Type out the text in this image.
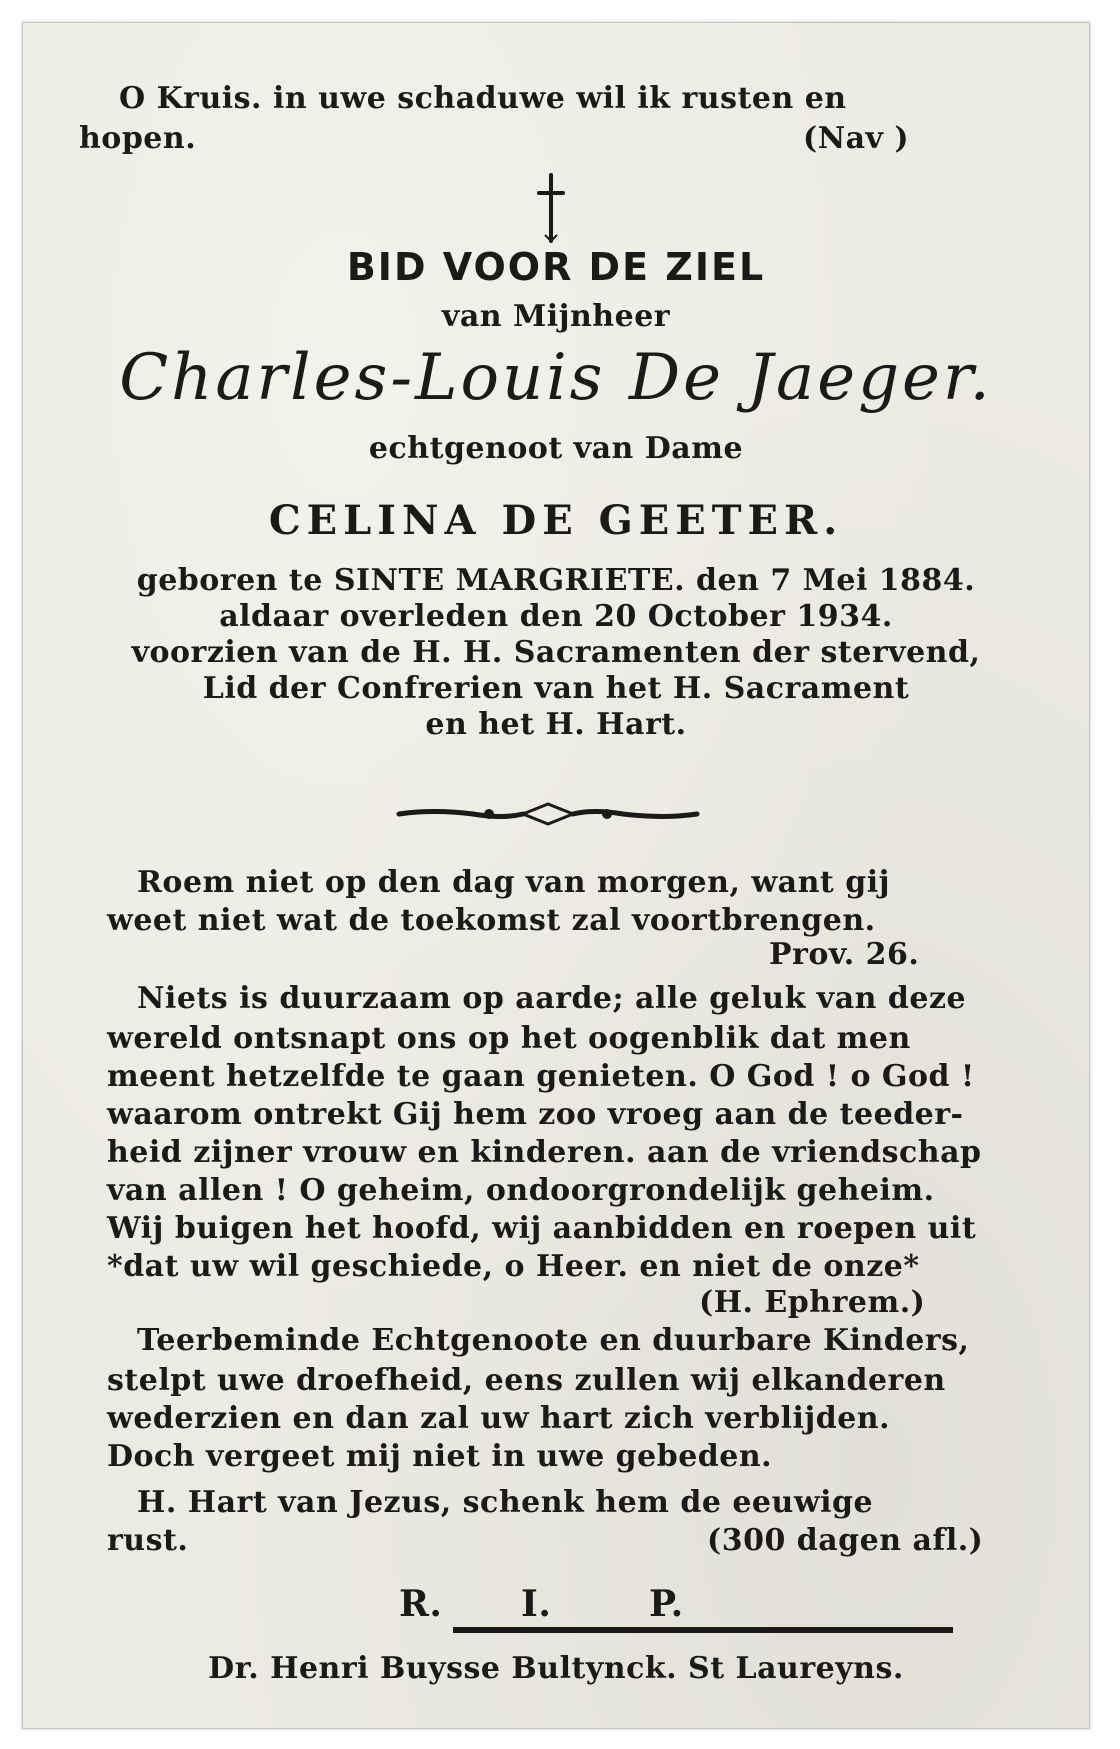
O Kruis. in uwe schaduwe wil ik rusten en
hopen.	(Nav )
BID VOOR DE ZIEL
van Mijnheer
Charles-Louis De Jaeger.
echtgenoot van Dame
CELINA DE GEETER.
geboren te SINTE MARGRIETE. den 7 Mei 1884.
aldaar overleden den 20 October 1934.
voorzien van de H. H. Sacramenten der stervend,
Lid der Confrerien van het H. Sacrament
en het H. Hart.
Roem niet op den dag van morgen, want gij
weet niet wat de toekomst zal voortbrengen.
Prov. 26.
Niets is duurzaam op aarde; alle geluk van deze
wereld ontsnapt ons op het oogenblik dat men
meent hetzelfde te gaan genieten. O God ! o God !
waarom ontrekt Gij hem zoo vroeg aan de teeder-
heid zijner vrouw en kinderen. aan de vriendschap
van allen ! O geheim, ondoorgrondelijk geheim.
Wij buigen het hoofd, wij aanbidden en roepen uit
*dat uw wil geschiede, o Heer. en niet de onze*
(H. Ephrem.)
Teerbeminde Echtgenoote en duurbare Kinders,
stelpt uwe droefheid, eens zullen wij elkanderen
wederzien en dan zal uw hart zich verblijden.
Doch vergeet mij niet in uwe gebeden.
H. Hart van Jezus, schenk hem de eeuwige
rust.	(300 dagen afl.)
R. I.	P.
Dr. Henri Buysse Bultynck. St Laureyns.
